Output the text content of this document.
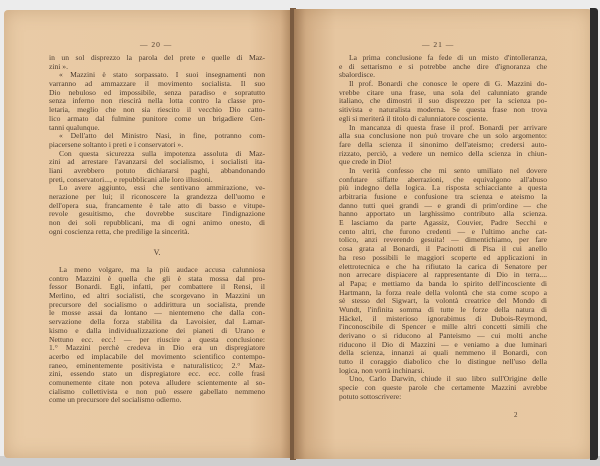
— 20 —
in un sol disprezzo la parola del prete e quelle di Maz-
zini ».
« Mazzini è stato sorpassato. I suoi insegnamenti non
varranno ad ammazzare il movimento socialista. Il suo
Dio nebuloso ed impossibile, senza paradiso e sopratutto
senza inferno non riescirà nella lotta contro la classe pro-
letaria, meglio che non sia riescito il vecchio Dio catto-
lico armato dal fulmine punitore come un brigadiere Cen-
tanni qualunque.
« Dell'atto del Ministro Nasi, in fine, potranno com-
piacersene soltanto i preti e i conservatori ».
Con questa sicurezza sulla impotenza assoluta di Maz-
zini ad arrestare l'avanzarsi del socialismo, i socialisti ita-
liani avrebbero potuto dichiararsi paghi, abbandonando
preti, conservatori..., e repubblicani alle loro illusioni.
Lo avere aggiunto, essi che sentivano ammirazione, ve-
nerazione per lui; il riconoscere la grandezza dell'uomo e
dell'opera sua, francamente è tale atto di basso e vitupe-
revole gesuitismo, che dovrebbe suscitare l'indignazione
non dei soli repubblicani, ma di ogni animo onesto, di
ogni coscienza retta, che predilige la sincerità.
V.
La meno volgare, ma la più audace accusa calunniosa
contro Mazzini è quella che gli è stata mossa dal pro-
fessor Bonardi. Egli, infatti, per combattere il Rensi, il
Merlino, ed altri socialisti, che scorgevano in Mazzini un
precursore del socialismo o addirittura un socialista, prende
le mosse assai da lontano — nientemeno che dalla con-
servazione della forza stabilita da Lavoisier, dal Lamar-
kismo e dalla individualizzazione dei pianeti di Urano e
Nettuno ecc. ecc.! — per riuscire a questa conclusione:
1.° Mazzini perchè credeva in Dio era un dispregiatore
acerbo ed implacabile del movimento scientifico contempo-
raneo, eminentemente positivista e naturalistico; 2.° Maz-
zini, essendo stato un dispregiatore ecc. ecc. colle frasi
comunemente citate non poteva alludere scientemente al so-
cialismo collettivista e non può essere gabellato nemmeno
come un precursore del socialismo odierno.
— 21 —
La prima conclusione fa fede di un misto d'intolleranza,
e di settarismo e si potrebbe anche dire d'ignoranza che
sbalordisce.
Il prof. Bonardi che conosce le opere di G. Mazzini do-
vrebbe citare una frase, una sola del calunniato grande
italiano, che dimostri il suo disprezzo per la scienza po-
sitivista e naturalista moderna. Se questa frase non trova
egli si meriterà il titolo di calunniatore cosciente.
In mancanza di questa frase il prof. Bonardi per arrivare
alla sua conclusione non può trovare che un solo argomento:
fare della scienza il sinonimo dell'ateismo; credersi auto-
rizzato, perciò, a vedere un nemico della scienza in chiun-
que crede in Dio!
In verità confesso che mi sento umiliato nel dovere
confutare siffatte aberrazioni, che equivalgono all'abuso
più indegno della logica. La risposta schiacciante a questa
arbitraria fusione e confusione tra scienza e ateismo la
danno tutti quei grandi — e grandi di prim'ordine — che
hanno apportato un larghissimo contributo alla scienza.
E lasciamo da parte Agassiz, Couvier, Padre Secchi e
cento altri, che furono credenti — e l'ultimo anche cat-
tolico, anzi reverendo gesuita! — dimentichiamo, per fare
cosa grata al Bonardi, il Pacinotti di Pisa il cui anello
ha reso possibili le maggiori scoperte ed applicazioni in
elettrotecnica e che ha rifiutato la carica di Senatore per
non arrecare dispiacere al rappresentante di Dio in terra....
al Papa; e mettiamo da banda lo spirito dell'incosciente di
Hartmann, la forza reale della volontà che sta come scopo a
sè stesso del Sigwart, la volontà creatrice del Mondo di
Wundt, l'infinita somma di tutte le forze della natura di
Häckel, il misterioso ignorabimus di Dubois-Reymond,
l'inconoscibile di Spencer e mille altri concetti simili che
derivano o si riducono al Panteismo — cui molti anche
riducono il Dio di Mazzini — e veniamo a due luminari
della scienza, innanzi ai quali nemmeno il Bonardi, con
tutto il coraggio diabolico che lo distingue nell'uso della
logica, non vorrà inchinarsi.
Uno, Carlo Darwin, chiude il suo libro sull'Origine delle
specie con queste parole che certamente Mazzini avrebbe
potuto sottoscrivere:
2
